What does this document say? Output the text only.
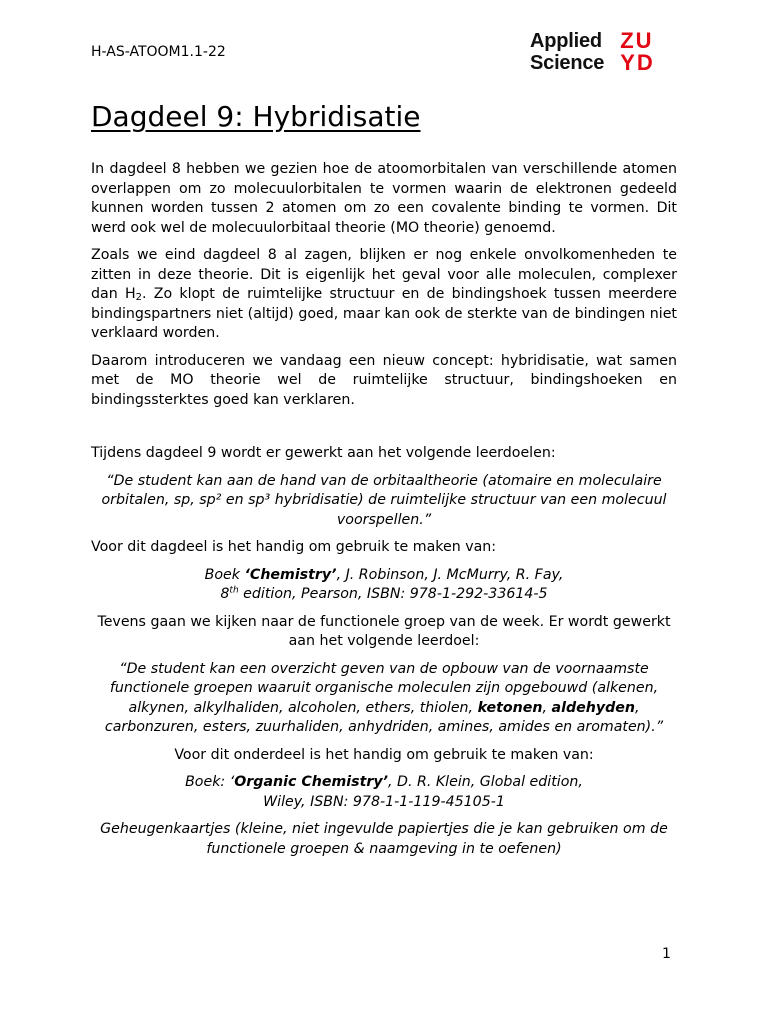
H-AS-ATOOM1.1-22	Applied
Science
ZU
YD
Dagdeel 9: Hybridisatie

In dagdeel 8 hebben we gezien hoe de atoomorbitalen van verschillende atomen overlappen om zo molecuulorbitalen te vormen waarin de elektronen gedeeld kunnen worden tussen 2 atomen om zo een covalente binding te vormen. Dit werd ook wel de molecuulorbitaal theorie (MO theorie) genoemd.

Zoals we eind dagdeel 8 al zagen, blijken er nog enkele onvolkomenheden te zitten in deze theorie. Dit is eigenlijk het geval voor alle moleculen, complexer dan $H_2$. Zo klopt de ruimtelijke structuur en de bindingshoek tussen meerdere bindingspartners niet (altijd) goed, maar kan ook de sterkte van de bindingen niet verklaard worden.

Daarom introduceren we vandaag een nieuw concept: hybridisatie, wat samen met de MO theorie wel de ruimtelijke structuur, bindingshoeken en bindingssterktes goed kan verklaren.

Tijdens dagdeel 9 wordt er gewerkt aan het volgende leerdoelen:

“De student kan aan de hand van de orbitaaltheorie (atomaire en moleculaire orbitalen, sp, sp² en sp³ hybridisatie) de ruimtelijke structuur van een molecuul voorspellen.”

Voor dit dagdeel is het handig om gebruik te maken van:

Boek ‘Chemistry’, J. Robinson, J. McMurry, R. Fay,
8th edition, Pearson, ISBN: 978-1-292-33614-5

Tevens gaan we kijken naar de functionele groep van de week. Er wordt gewerkt aan het volgende leerdoel:

“De student kan een overzicht geven van de opbouw van de voornaamste functionele groepen waaruit organische moleculen zijn opgebouwd (alkenen, alkynen, alkylhaliden, alcoholen, ethers, thiolen, ketonen, aldehyden, carbonzuren, esters, zuurhaliden, anhydriden, amines, amides en aromaten).”

Voor dit onderdeel is het handig om gebruik te maken van:

Boek: ‘Organic Chemistry’, D. R. Klein, Global edition,
Wiley, ISBN: 978-1-1-119-45105-1

Geheugenkaartjes (kleine, niet ingevulde papiertjes die je kan gebruiken om de functionele groepen & naamgeving in te oefenen)

1
